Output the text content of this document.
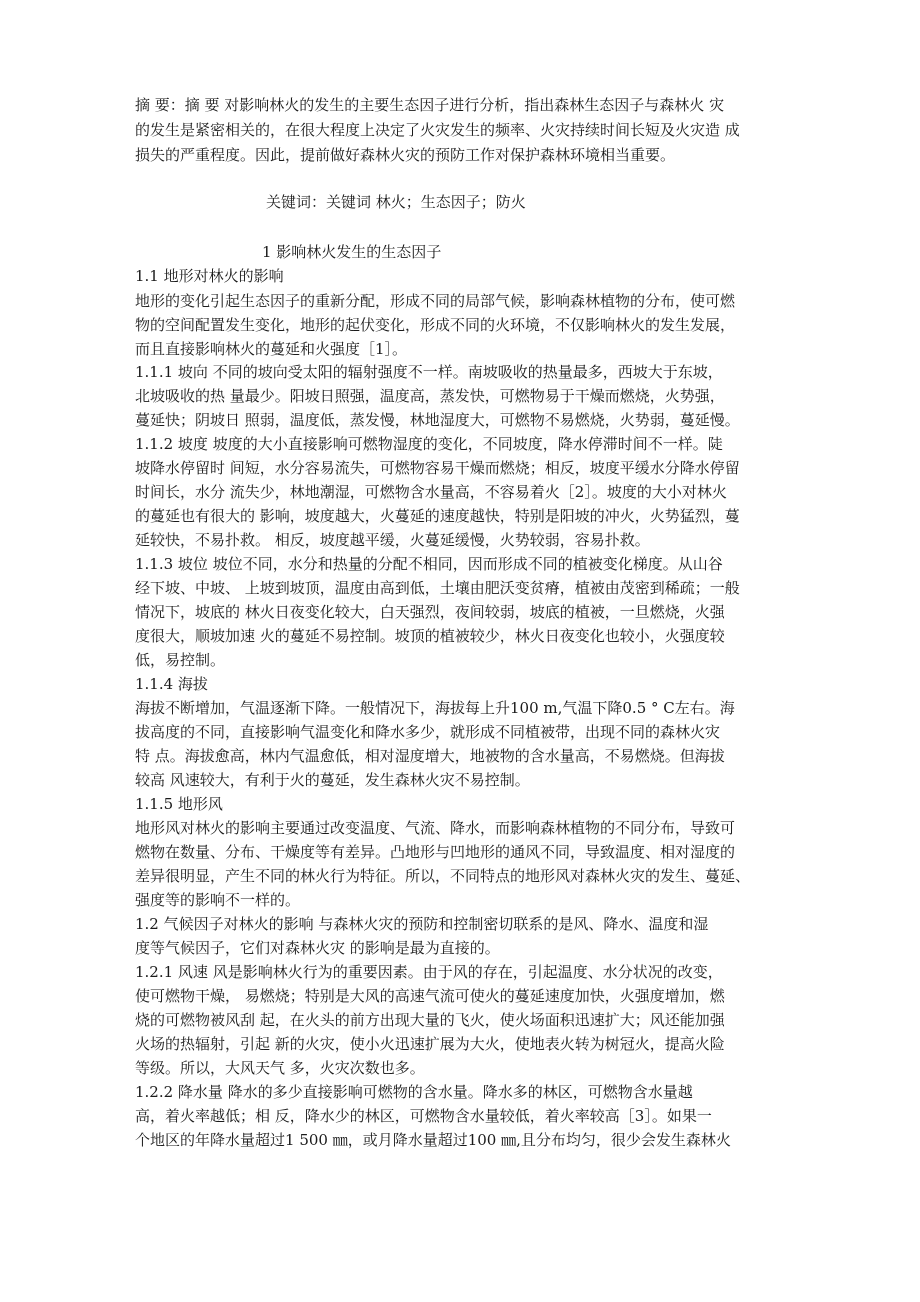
摘 要：摘 要 对影响林火的发生的主要生态因子进行分析，指出森林生态因子与森林火 灾
的发生是紧密相关的，在很大程度上决定了火灾发生的频率、火灾持续时间长短及火灾造 成
损失的严重程度。因此，提前做好森林火灾的预防工作对保护森林环境相当重要。
关键词：关键词 林火；生态因子；防火
1 影响林火发生的生态因子
1.1 地形对林火的影响
地形的变化引起生态因子的重新分配，形成不同的局部气候，影响森林植物的分布，使可燃
物的空间配置发生变化，地形的起伏变化，形成不同的火环境，不仅影响林火的发生发展，
而且直接影响林火的蔓延和火强度［1］。
1.1.1 坡向 不同的坡向受太阳的辐射强度不一样。南坡吸收的热量最多，西坡大于东坡，
北坡吸收的热 量最少。阳坡日照强，温度高，蒸发快，可燃物易于干燥而燃烧，火势强，
蔓延快；阴坡日 照弱，温度低，蒸发慢，林地湿度大，可燃物不易燃烧，火势弱，蔓延慢。
1.1.2 坡度 坡度的大小直接影响可燃物湿度的变化，不同坡度，降水停滞时间不一样。陡
坡降水停留时 间短，水分容易流失，可燃物容易干燥而燃烧；相反，坡度平缓水分降水停留
时间长，水分 流失少，林地潮湿，可燃物含水量高，不容易着火［2］。坡度的大小对林火
的蔓延也有很大的 影响，坡度越大，火蔓延的速度越快，特别是阳坡的冲火，火势猛烈，蔓
延较快，不易扑救。 相反，坡度越平缓，火蔓延缓慢，火势较弱，容易扑救。
1.1.3 坡位 坡位不同，水分和热量的分配不相同，因而形成不同的植被变化梯度。从山谷
经下坡、中坡、 上坡到坡顶，温度由高到低，土壤由肥沃变贫瘠，植被由茂密到稀疏；一般
情况下，坡底的 林火日夜变化较大，白天强烈，夜间较弱，坡底的植被，一旦燃烧，火强
度很大，顺坡加速 火的蔓延不易控制。坡顶的植被较少，林火日夜变化也较小，火强度较
低，易控制。
1.1.4 海拔
海拔不断增加，气温逐渐下降。一般情况下，海拔每上升100 m,气温下降0.5 ° C左右。海
拔高度的不同，直接影响气温变化和降水多少，就形成不同植被带，出现不同的森林火灾
特 点。海拔愈高，林内气温愈低，相对湿度增大，地被物的含水量高，不易燃烧。但海拔
较高 风速较大，有利于火的蔓延，发生森林火灾不易控制。
1.1.5 地形风
地形风对林火的影响主要通过改变温度、气流、降水，而影响森林植物的不同分布，导致可
燃物在数量、分布、干燥度等有差异。凸地形与凹地形的通风不同，导致温度、相对湿度的
差异很明显，产生不同的林火行为特征。所以，不同特点的地形风对森林火灾的发生、蔓延、
强度等的影响不一样的。
1.2 气候因子对林火的影响 与森林火灾的预防和控制密切联系的是风、降水、温度和湿
度等气候因子，它们对森林火灾 的影响是最为直接的。
1.2.1 风速 风是影响林火行为的重要因素。由于风的存在，引起温度、水分状况的改变，
使可燃物干燥， 易燃烧；特别是大风的高速气流可使火的蔓延速度加快，火强度增加，燃
烧的可燃物被风刮 起，在火头的前方出现大量的飞火，使火场面积迅速扩大；风还能加强
火场的热辐射，引起 新的火灾，使小火迅速扩展为大火，使地表火转为树冠火，提高火险
等级。所以，大风天气 多，火灾次数也多。
1.2.2 降水量 降水的多少直接影响可燃物的含水量。降水多的林区，可燃物含水量越
高，着火率越低；相 反，降水少的林区，可燃物含水量较低，着火率较高［3］。如果一
个地区的年降水量超过1 500 ㎜，或月降水量超过100 ㎜,且分布均匀，很少会发生森林火
